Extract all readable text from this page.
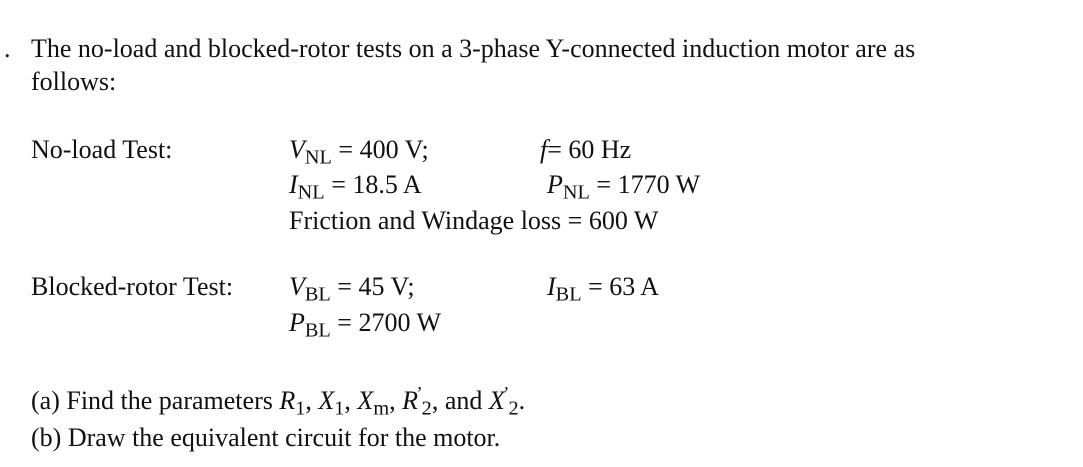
. The no-load and blocked-rotor tests on a 3-phase Y-connected induction motor are as
follows:
No-load Test:	$V_{NL} = 400$ V;	f= 60 Hz
$I_{NL} = 18.5$ A	$P_{NL} = 1770$ W
Friction and Windage loss = 600 W
Blocked-rotor Test: $V_{BL} = 45$ V;	$I_{BL} = 63$ A
$P_{BL} = 2700$ W
(a) Find the parameters $R_1$, $X_1$, $X_m$, $R^’_2$, and $X^’_2$.
(b) Draw the equivalent circuit for the motor.
